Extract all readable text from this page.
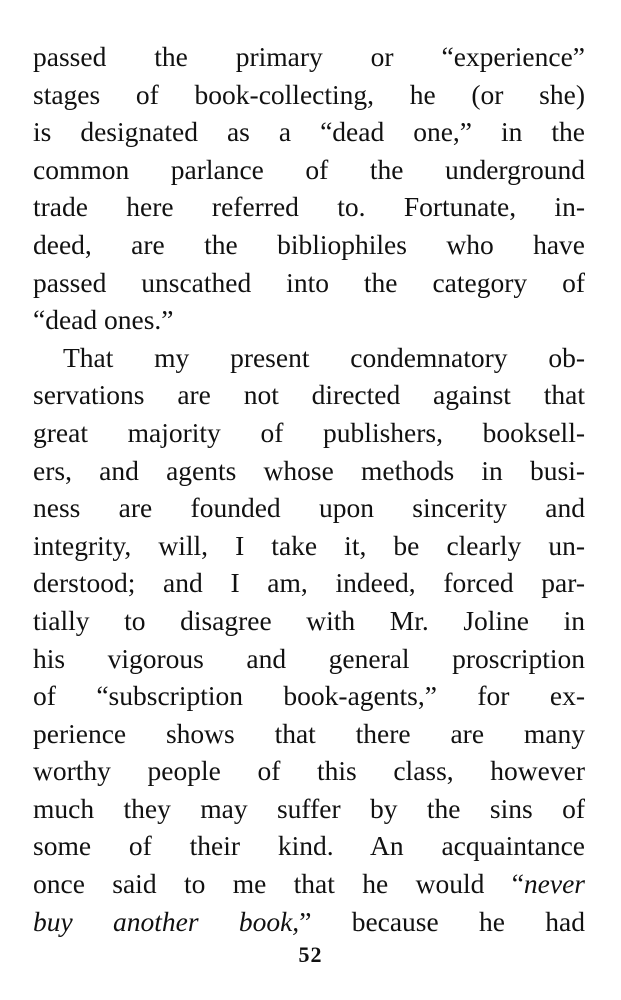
passed the primary or “experience”
stages of book-collecting, he (or she)
is designated as a “dead one,” in the
common parlance of the underground
trade here referred to. Fortunate, in-
deed, are the bibliophiles who have
passed unscathed into the category of
“dead ones.”
That my present condemnatory ob-
servations are not directed against that
great majority of publishers, booksell-
ers, and agents whose methods in busi-
ness are founded upon sincerity and
integrity, will, I take it, be clearly un-
derstood; and I am, indeed, forced par-
tially to disagree with Mr. Joline in
his vigorous and general proscription
of “subscription book-agents,” for ex-
perience shows that there are many
worthy people of this class, however
much they may suffer by the sins of
some of their kind. An acquaintance
once said to me that he would “never
buy another book,” because he had
52
